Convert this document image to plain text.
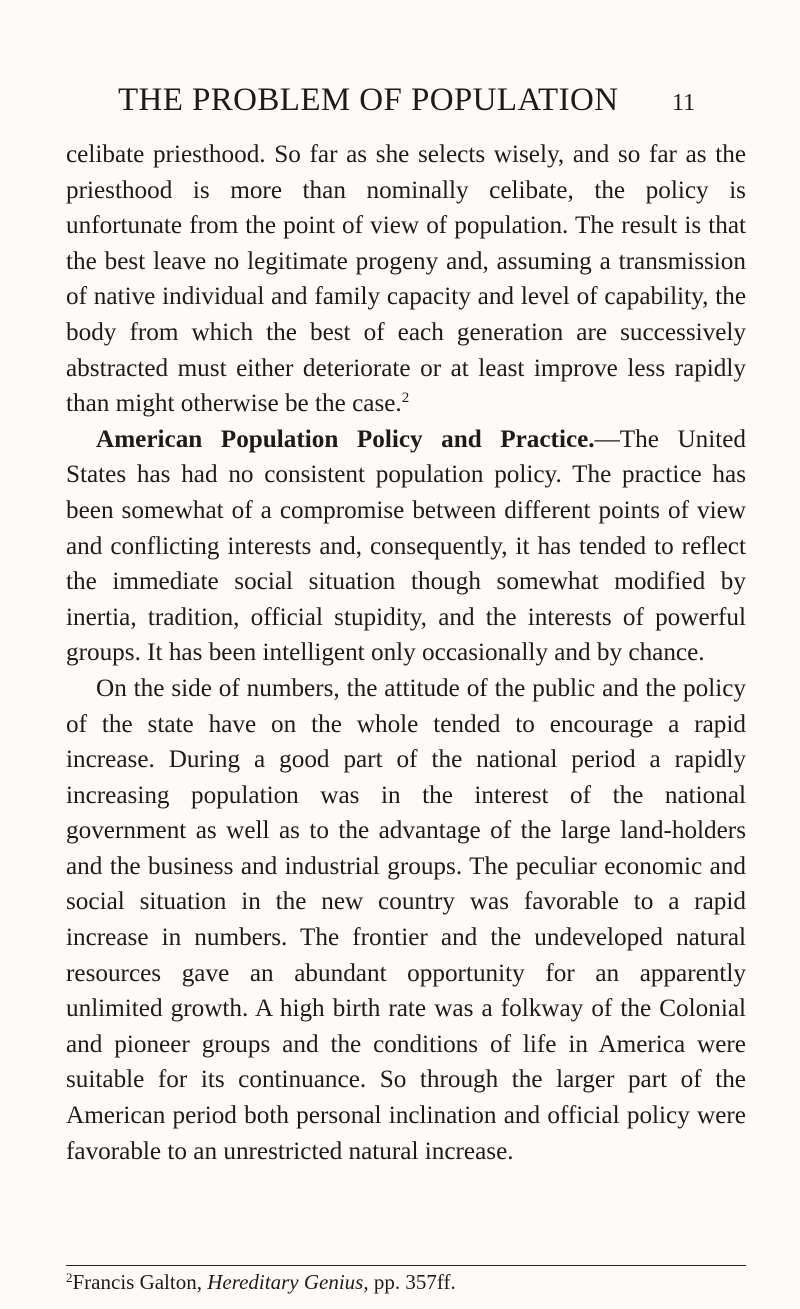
THE PROBLEM OF POPULATION 11

celibate priesthood. So far as she selects wisely, and so far as the priesthood is more than nominally celibate, the policy is unfortunate from the point of view of population. The result is that the best leave no legitimate progeny and, assuming a transmission of native individual and family capacity and level of capability, the body from which the best of each generation are successively abstracted must either deteriorate or at least improve less rapidly than might otherwise be the case.$^2$

American Population Policy and Practice.—The United States has had no consistent population policy. The practice has been somewhat of a compromise between different points of view and conflicting interests and, consequently, it has tended to reflect the immediate social situation though somewhat modified by inertia, tradition, official stupidity, and the interests of powerful groups. It has been intelligent only occasionally and by chance.

On the side of numbers, the attitude of the public and the policy of the state have on the whole tended to encourage a rapid increase. During a good part of the national period a rapidly increasing population was in the interest of the national government as well as to the advantage of the large land-holders and the business and industrial groups. The peculiar economic and social situation in the new country was favorable to a rapid increase in numbers. The frontier and the undeveloped natural resources gave an abundant opportunity for an apparently unlimited growth. A high birth rate was a folkway of the Colonial and pioneer groups and the conditions of life in America were suitable for its continuance. So through the larger part of the American period both personal inclination and official policy were favorable to an unrestricted natural increase.

$^2$Francis Galton, Hereditary Genius, pp. 357ff.
